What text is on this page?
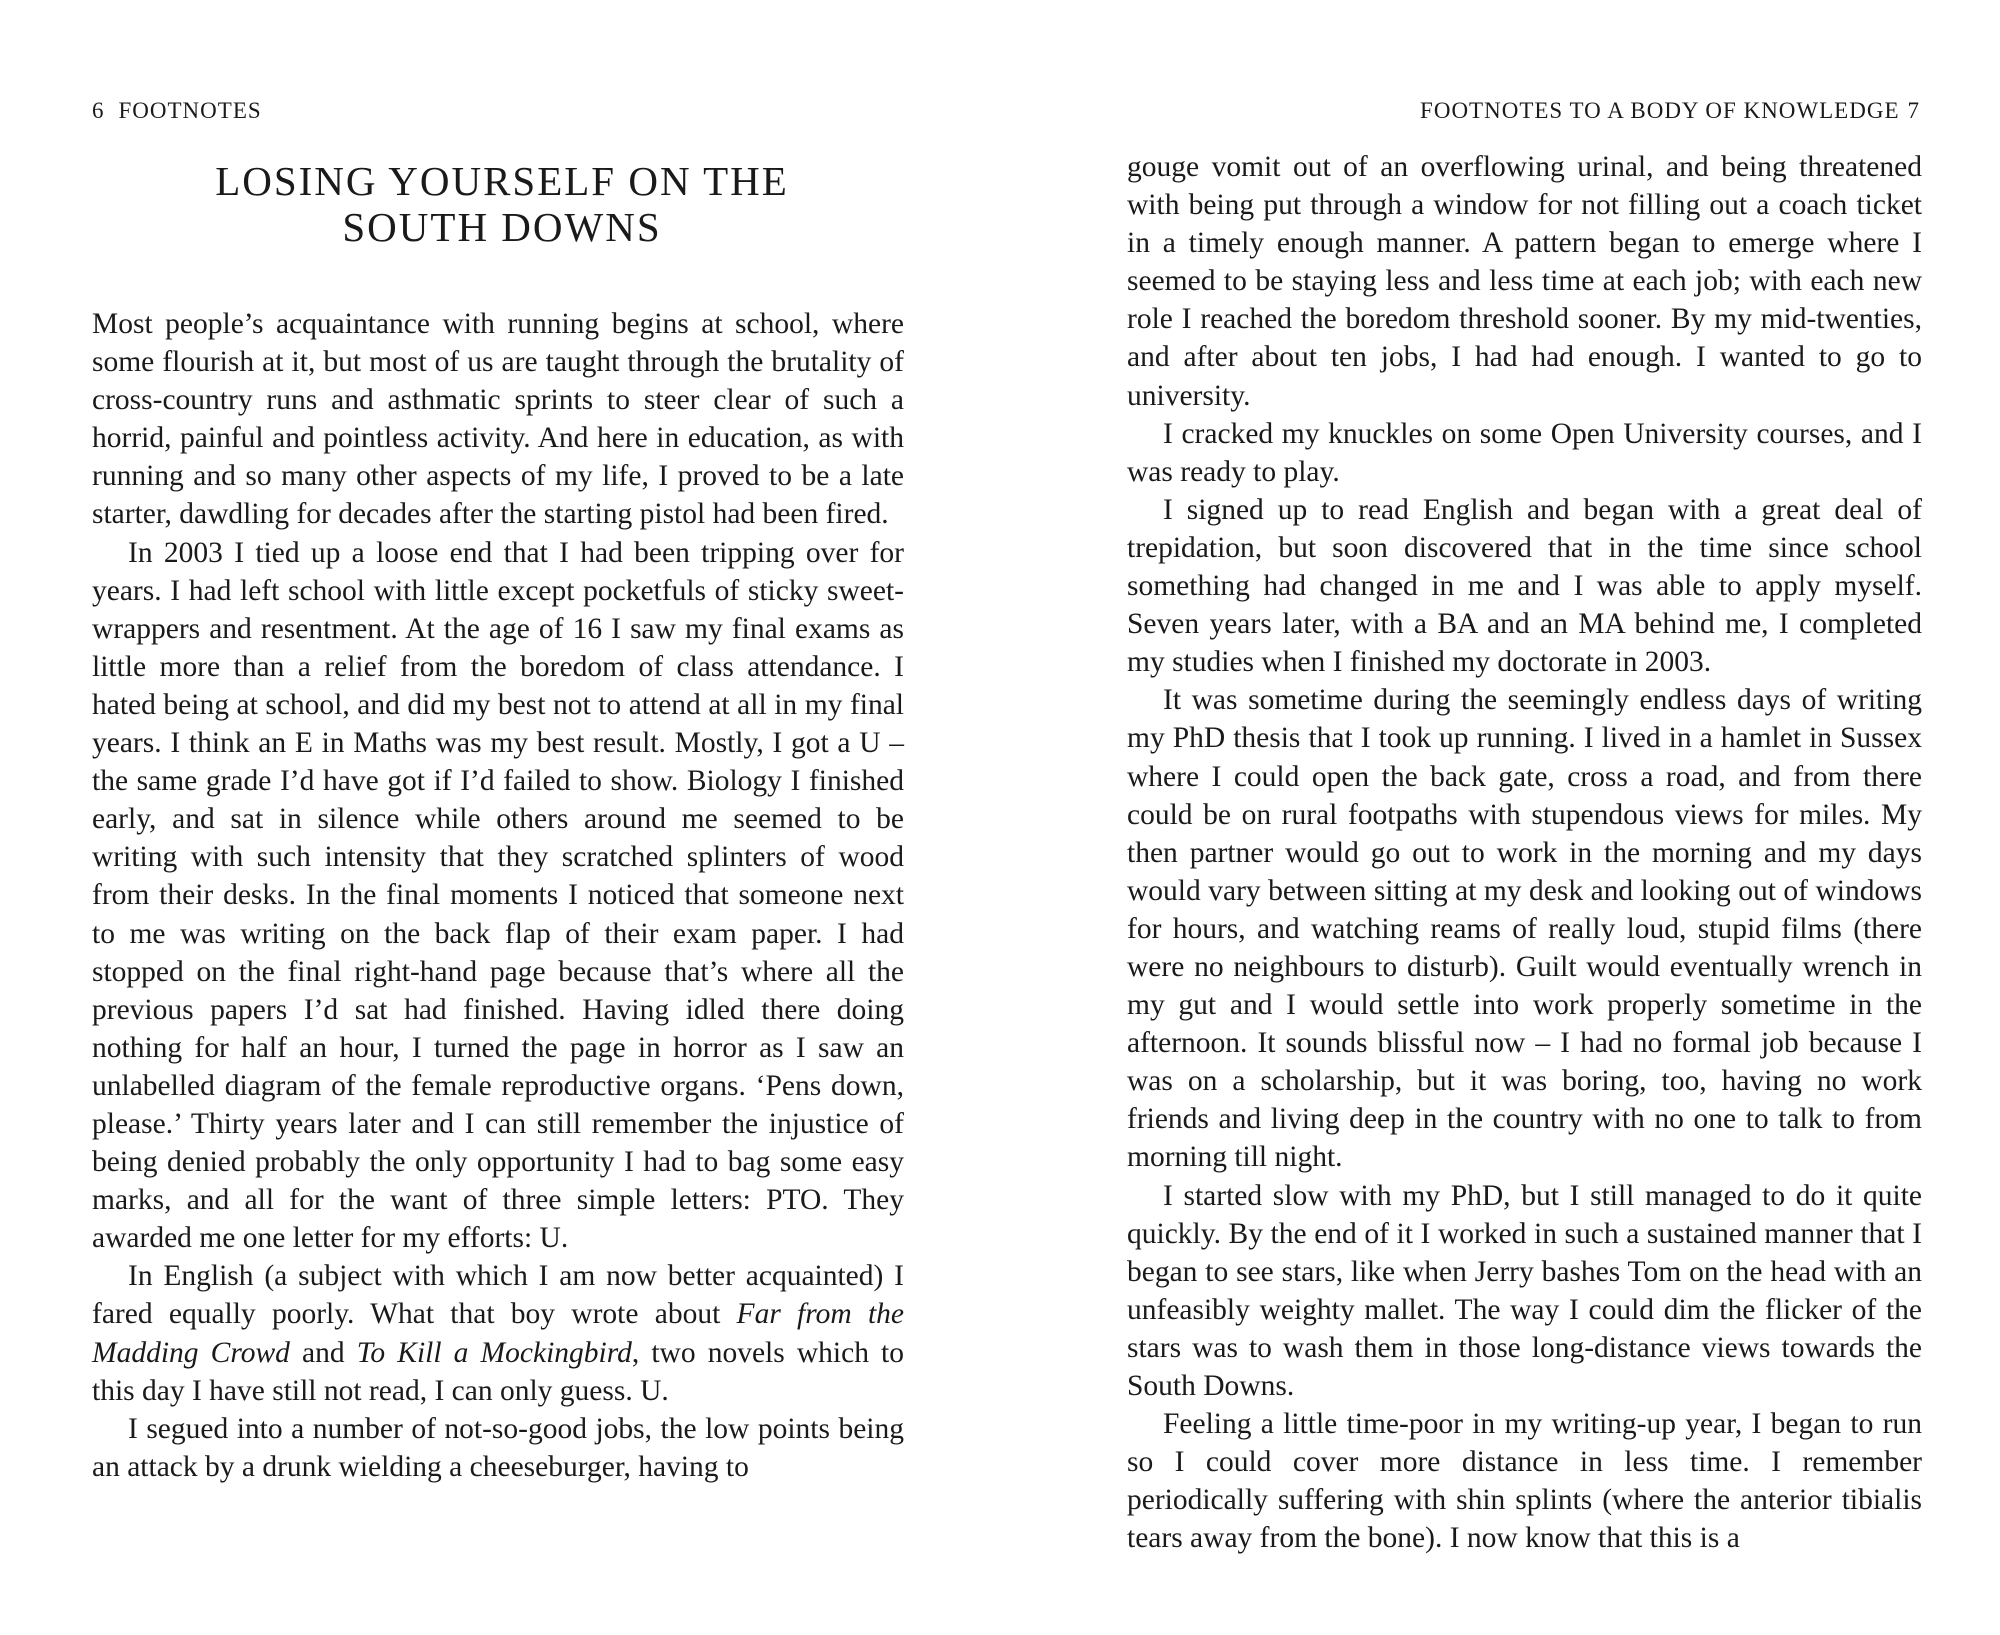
6 FOOTNOTES
LOSING YOURSELF ON THE
SOUTH DOWNS

Most people’s acquaintance with running begins at school, where some flourish at it, but most of us are taught through the brutality of cross-country runs and asthmatic sprints to steer clear of such a horrid, painful and pointless activity. And here in education, as with running and so many other aspects of my life, I proved to be a late starter, dawdling for decades after the starting pistol had been fired.

In 2003 I tied up a loose end that I had been tripping over for years. I had left school with little except pocketfuls of sticky sweet-wrappers and resentment. At the age of 16 I saw my final exams as little more than a relief from the boredom of class attendance. I hated being at school, and did my best not to attend at all in my final years. I think an E in Maths was my best result. Mostly, I got a U – the same grade I’d have got if I’d failed to show. Biology I finished early, and sat in silence while others around me seemed to be writing with such intensity that they scratched splinters of wood from their desks. In the final moments I noticed that someone next to me was writing on the back flap of their exam paper. I had stopped on the final right-hand page because that’s where all the previous papers I’d sat had finished. Having idled there doing nothing for half an hour, I turned the page in horror as I saw an unlabelled diagram of the female reproductive organs. ‘Pens down, please.’ Thirty years later and I can still remember the injustice of being denied probably the only opportunity I had to bag some easy marks, and all for the want of three simple letters: PTO. They awarded me one letter for my efforts: U.

In English (a subject with which I am now better acquainted) I fared equally poorly. What that boy wrote about Far from the Madding Crowd and To Kill a Mockingbird, two novels which to this day I have still not read, I can only guess. U.

I segued into a number of not-so-good jobs, the low points being an attack by a drunk wielding a cheeseburger, having to

FOOTNOTES TO A BODY OF KNOWLEDGE 7

gouge vomit out of an overflowing urinal, and being threatened with being put through a window for not filling out a coach ticket in a timely enough manner. A pattern began to emerge where I seemed to be staying less and less time at each job; with each new role I reached the boredom threshold sooner. By my mid-twenties, and after about ten jobs, I had had enough. I wanted to go to university.

I cracked my knuckles on some Open University courses, and I was ready to play.

I signed up to read English and began with a great deal of trepidation, but soon discovered that in the time since school something had changed in me and I was able to apply myself. Seven years later, with a BA and an MA behind me, I completed my studies when I finished my doctorate in 2003.

It was sometime during the seemingly endless days of writing my PhD thesis that I took up running. I lived in a hamlet in Sussex where I could open the back gate, cross a road, and from there could be on rural footpaths with stupendous views for miles. My then partner would go out to work in the morning and my days would vary between sitting at my desk and looking out of windows for hours, and watching reams of really loud, stupid films (there were no neighbours to disturb). Guilt would eventually wrench in my gut and I would settle into work properly sometime in the afternoon. It sounds blissful now – I had no formal job because I was on a scholarship, but it was boring, too, having no work friends and living deep in the country with no one to talk to from morning till night.

I started slow with my PhD, but I still managed to do it quite quickly. By the end of it I worked in such a sustained manner that I began to see stars, like when Jerry bashes Tom on the head with an unfeasibly weighty mallet. The way I could dim the flicker of the stars was to wash them in those long-distance views towards the South Downs.

Feeling a little time-poor in my writing-up year, I began to run so I could cover more distance in less time. I remember periodically suffering with shin splints (where the anterior tibialis tears away from the bone). I now know that this is a
